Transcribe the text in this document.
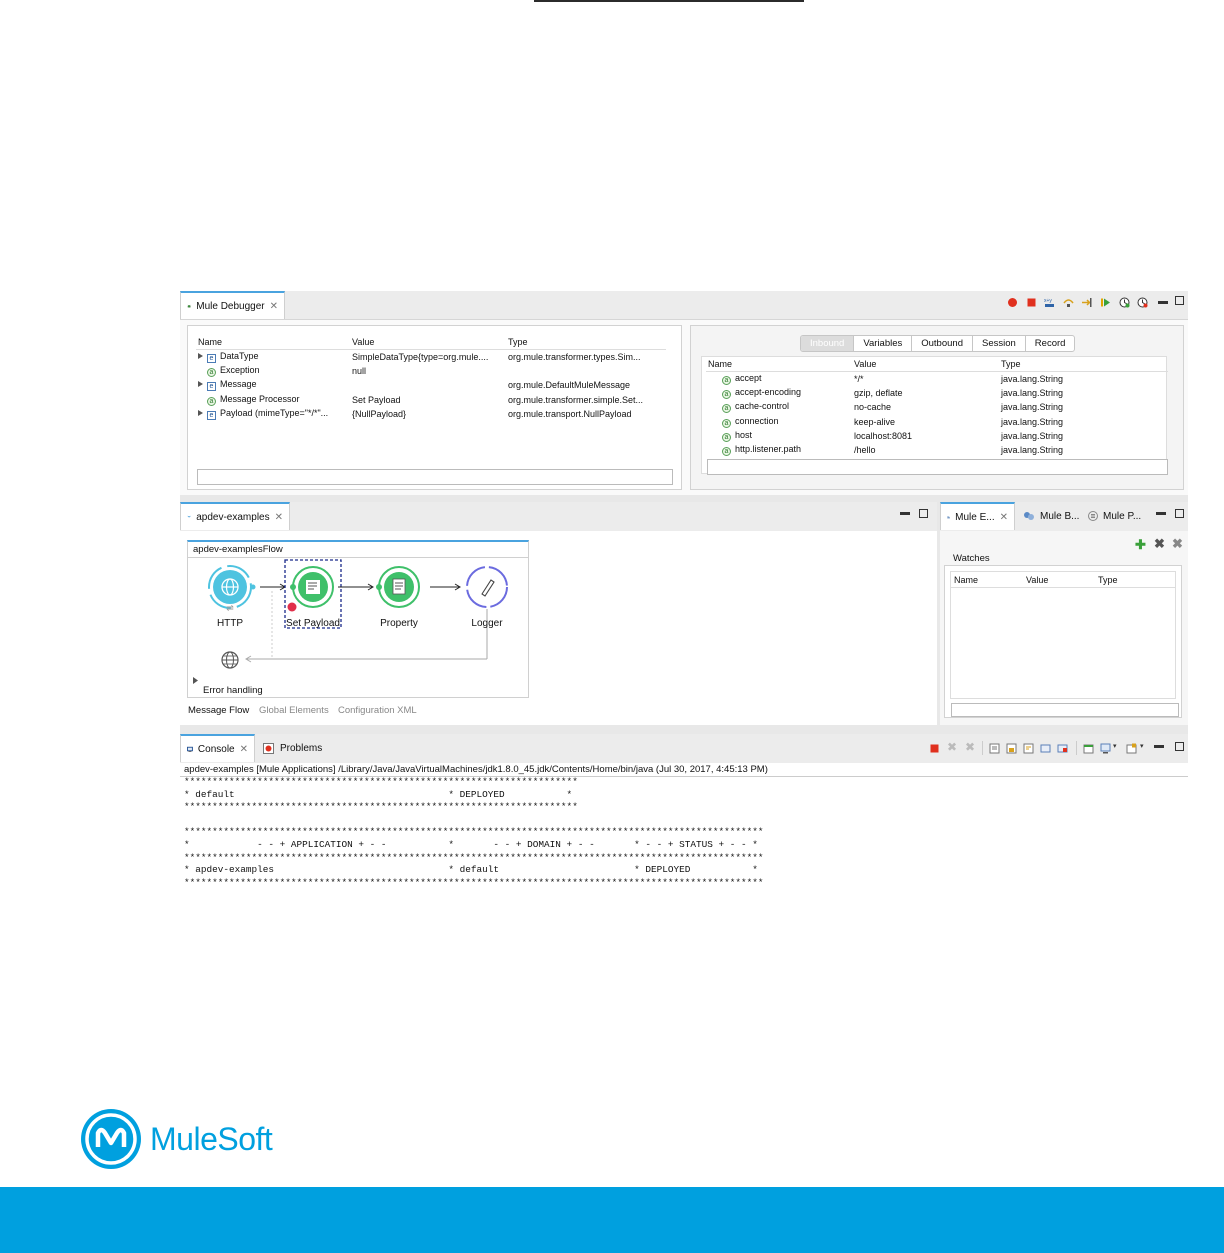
Mule Debugger ✕	x+y	▬
Name	Value	Type
e DataType	SimpleDataType{type=org.mule....	org.mule.transformer.types.Sim...
a Exception	null	
e Message		org.mule.DefaultMuleMessage
a Message Processor	Set Payload	org.mule.transformer.simple.Set...
e Payload (mimeType="*/*"...	{NullPayload}	org.mule.transport.NullPayload
Inbound	Variables	Outbound	Session	Record
Name	Value	Type
a accept	*/*	java.lang.String
a accept-encoding	gzip, deflate	java.lang.String
a cache-control	no-cache	java.lang.String
a connection	keep-alive	java.lang.String
a host	localhost:8081	java.lang.String
a http.listener.path	/hello	java.lang.String
apdev-examples ✕	▬
apdev-examplesFlow
⇌
HTTP	Set Payload	Property	Logger
Error handling
Message Flow Global Elements Configuration XML
x+y Mule E... ✕	Mule B... Mule P... ▬
✚ ✖ ✖
Watches
Name	Value	Type
Console ✕	Problems	✖ ✖	▾	▾ ▬
apdev-examples [Mule Applications] /Library/Java/JavaVirtualMachines/jdk1.8.0_45.jdk/Contents/Home/bin/java (Jul 30, 2017, 4:45:13 PM)
**********************************************************************
* default                                      * DEPLOYED           *
**********************************************************************

*******************************************************************************************************
*            - - + APPLICATION + - -           *       - - + DOMAIN + - -       * - - + STATUS + - - *
*******************************************************************************************************
* apdev-examples                               * default                        * DEPLOYED           *
*******************************************************************************************************
MuleSoft
